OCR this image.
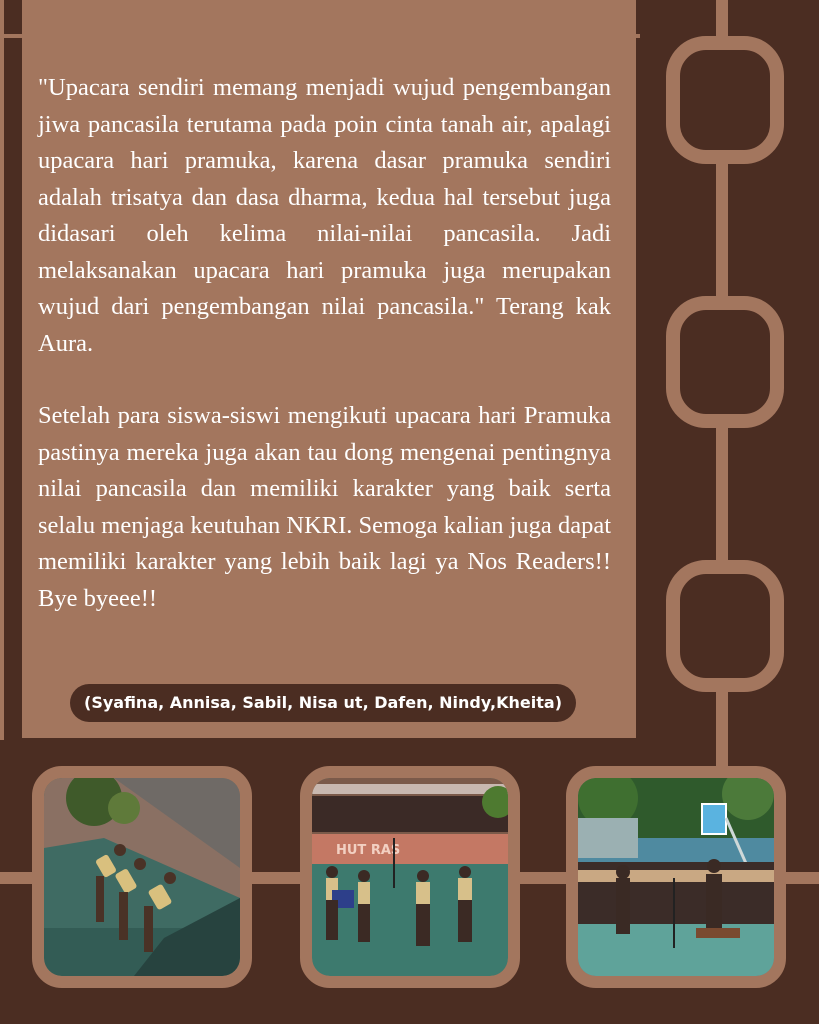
"Upacara sendiri memang menjadi wujud pengembangan jiwa pancasila terutama pada poin cinta tanah air, apalagi upacara hari pramuka, karena dasar pramuka sendiri adalah trisatya dan dasa dharma, kedua hal tersebut juga didasari oleh kelima nilai-nilai pancasila. Jadi melaksanakan upacara hari pramuka juga merupakan wujud dari pengembangan nilai pancasila." Terang kak Aura.

Setelah para siswa-siswi mengikuti upacara hari Pramuka pastinya mereka juga akan tau dong mengenai pentingnya nilai pancasila dan memiliki karakter yang baik serta selalu menjaga keutuhan NKRI. Semoga kalian juga dapat memiliki karakter yang lebih baik lagi ya Nos Readers!! Bye byeee!!

(Syafina, Annisa, Sabil, Nisa ut, Dafen, Nindy,Kheita)
HUT RAS
